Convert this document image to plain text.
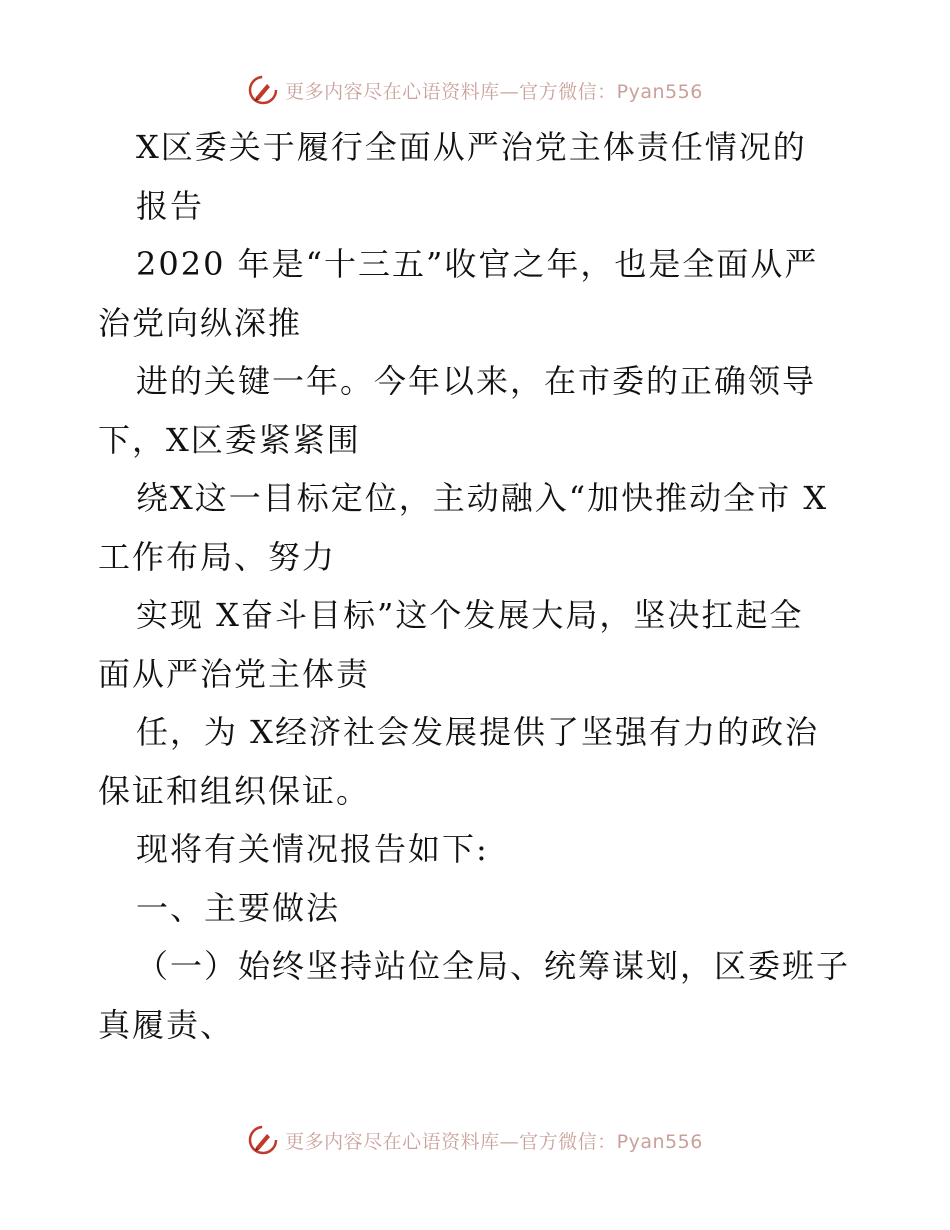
更多内容尽在心语资料库—官方微信：Pyan556
X区委关于履行全面从严治党主体责任情况的
报告
2020 年是“十三五”收官之年，也是全面从严
治党向纵深推
进的关键一年。今年以来，在市委的正确领导
下，X区委紧紧围
绕X这一目标定位，主动融入“加快推动全市 X
工作布局、努力
实现 X奋斗目标”这个发展大局，坚决扛起全
面从严治党主体责
任，为 X经济社会发展提供了坚强有力的政治
保证和组织保证。
现将有关情况报告如下:
一、主要做法
（一）始终坚持站位全局、统筹谋划，区委班子
真履责、
更多内容尽在心语资料库—官方微信：Pyan556
